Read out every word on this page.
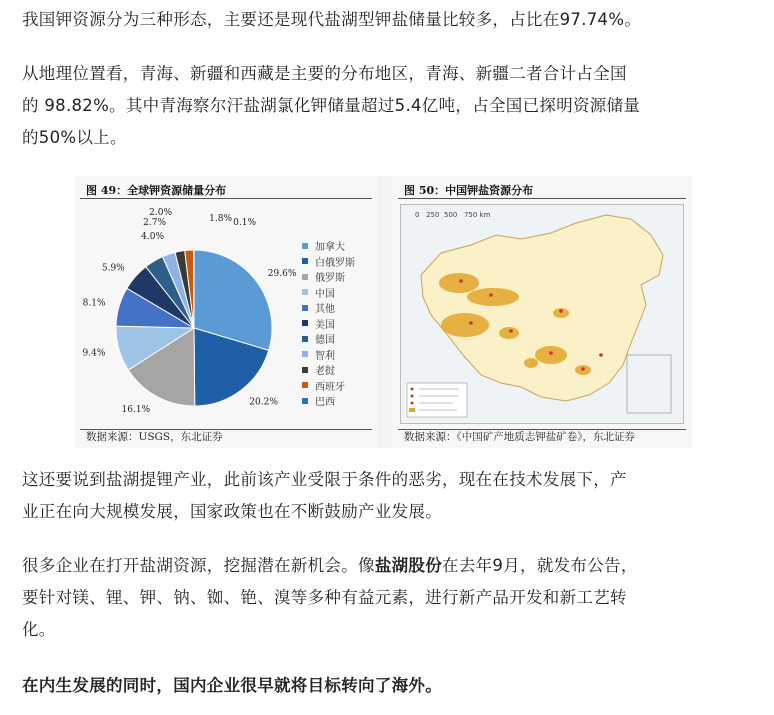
我国钾资源分为三种形态，主要还是现代盐湖型钾盐储量比较多，占比在97.74%。

从地理位置看，青海、新疆和西藏是主要的分布地区，青海、新疆二者合计占全国
的 98.82%。其中青海察尔汗盐湖氯化钾储量超过5.4亿吨，占全国已探明资源储量
的50%以上。

图 49：全球钾资源储量分布
29.6%
20.2%
16.1%
9.4%
8.1%
5.9%
4.0%
2.7%
2.0%
1.8% 0.1%
加拿大
白俄罗斯
俄罗斯
中国
其他
美国
德国
智利
老挝
西班牙
巴西
数据来源：USGS，东北证券
图 50：中国钾盐资源分布
0   250  500   750 km
数据来源：《中国矿产地质志钾盐矿卷》，东北证券

这还要说到盐湖提锂产业，此前该产业受限于条件的恶劣，现在在技术发展下，产
业正在向大规模发展，国家政策也在不断鼓励产业发展。

很多企业在打开盐湖资源，挖掘潜在新机会。像盐湖股份在去年9月，就发布公告，
要针对镁、锂、钾、钠、铷、铯、溴等多种有益元素，进行新产品开发和新工艺转
化。

在内生发展的同时，国内企业很早就将目标转向了海外。
